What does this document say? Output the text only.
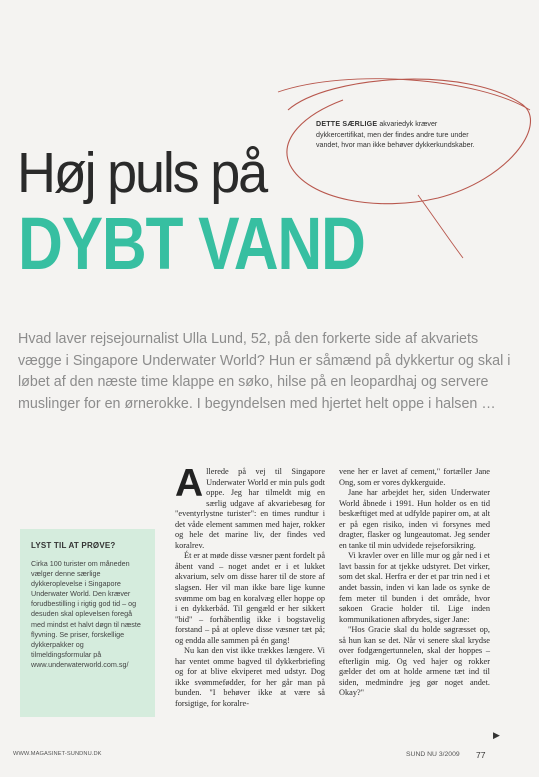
DETTE SÆRLIGE akvariedyk kræver dykkercertifikat, men der findes andre ture under vandet, hvor man ikke behøver dykkerkundskaber.
Høj puls på
DYBT VAND
Hvad laver rejsejournalist Ulla Lund, 52, på den forkerte side af akvariets vægge i Singapore Underwater World? Hun er såmænd på dykkertur og skal i løbet af den næste time klappe en søko, hilse på en leopardhaj og servere muslinger for en ørnerokke. I begyndelsen med hjertet helt oppe i halsen …
LYST TIL AT PRØVE?
Cirka 100 turister om måneden vælger denne særlige dykkeroplevelse i Singapore Underwater World. Den kræver forudbestilling i rigtig god tid – og desuden skal oplevelsen foregå med mindst et halvt døgn til næste flyvning. Se priser, forskellige dykkerpakker og tilmeldingsformular på www.underwaterworld.com.sg/

Allerede på vej til Singapore Underwater World er min puls godt oppe. Jeg har tilmeldt mig en særlig udgave af akvariebesøg for "eventyrlystne turister": en times rundtur i det våde element sammen med hajer, rokker og hele det marine liv, der findes ved koralrev.

Ét er at møde disse væsner pænt fordelt på åbent vand – noget andet er i et lukket akvarium, selv om disse harer til de store af slagsen. Her vil man ikke bare lige kunne svømme om bag en koralvæg eller hoppe op i en dykkerbåd. Til gengæld er her sikkert "bid" – forhåbentlig ikke i bogstavelig forstand – på at opleve disse væsner tæt på; og endda alle sammen på én gang!

Nu kan den vist ikke trækkes længere. Vi har ventet omme bagved til dykkerbriefing og for at blive ekviperet med udstyr. Dog ikke svømmefødder, for her går man på bunden. "I behøver ikke at være så forsigtige, for koralre-

vene her er lavet af cement," fortæller Jane Ong, som er vores dykkerguide.

Jane har arbejdet her, siden Underwater World åbnede i 1991. Hun holder os en tid beskæftiget med at udfylde papirer om, at alt er på egen risiko, inden vi forsynes med dragter, flasker og lungeautomat. Jeg sender en tanke til min udvidede rejseforsikring.

Vi kravler over en lille mur og går ned i et lavt bassin for at tjekke udstyret. Det virker, som det skal. Herfra er der et par trin ned i et andet bassin, inden vi kan lade os synke de fem meter til bunden i det område, hvor søkoen Gracie holder til. Lige inden kommunikationen afbrydes, siger Jane:

"Hos Gracie skal du holde søgræsset op, så hun kan se det. Når vi senere skal krydse over fodgængertunnelen, skal der hoppes – efterligin mig. Og ved hajer og rokker gælder det om at holde armene tæt ind til siden, medmindre jeg gør noget andet. Okay?"

▶
WWW.MAGASINET-SUNDNU.DK	SUND NU 3/2009 77
